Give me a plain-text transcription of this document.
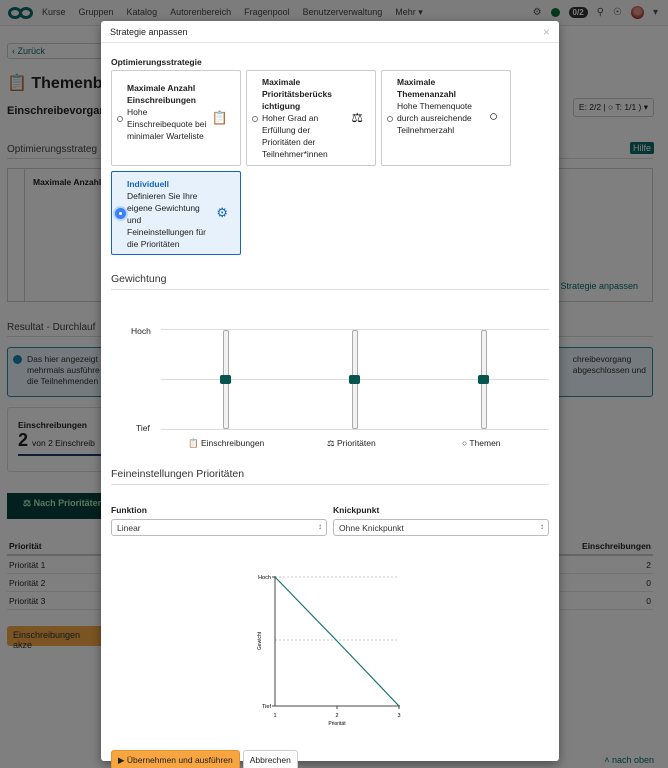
Strategie anpassen	×
Optimierungsstrategie
Maximale Anzahl Einschreibungen
Hohe Einschreibequote bei minimaler Warteliste
📋
Maximale Prioritätsberücks ichtigung
Hoher Grad an Erfüllung der Prioritäten der Teilnehmer*innen
⚖
Maximale Themenanzahl
Hohe Themenquote durch ausreichende Teilnehmerzahl
○
Individuell
Definieren Sie Ihre eigene Gewichtung und Feineinstellungen für die Prioritäten
⚙
Gewichtung
Hoch
Tief
📋 Einschreibungen	⚖ Prioritäten	○ Themen
Feineinstellungen Prioritäten
Funktion
Linear ↕
Knickpunkt
Ohne Knickpunkt ↕
Hoch
Tief
1	2	3
Priorität
Gewicht
▶ Übernehmen und ausführen	Abbrechen
